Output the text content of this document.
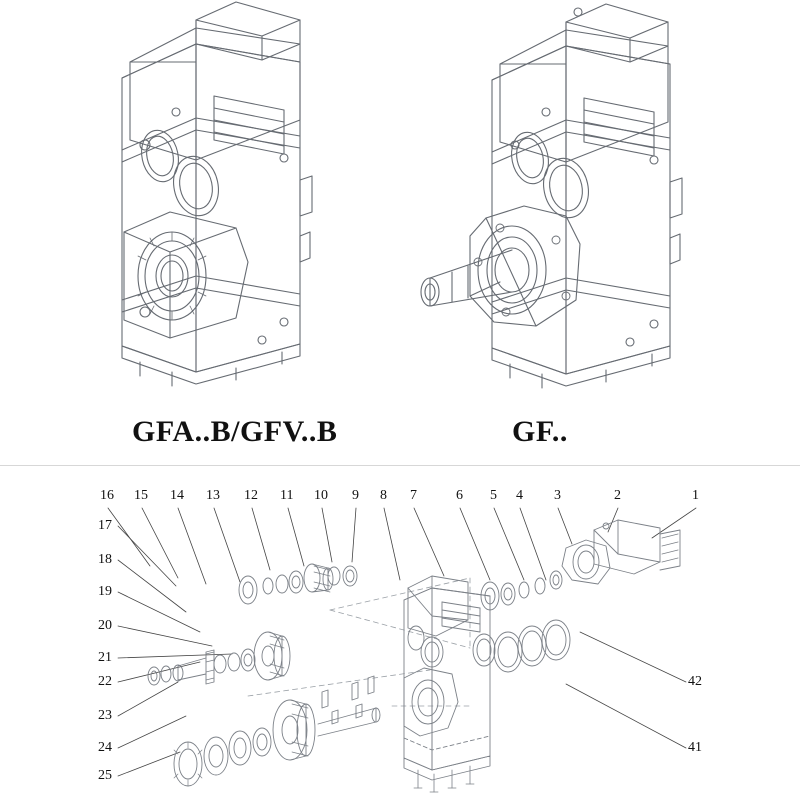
GFA..B/GFV..B	GF..
16 15 14 13 12 11 10 9 8 7	6 5 4 3	2	1
17
18
19
20
21
22
23
24
25
42
41
